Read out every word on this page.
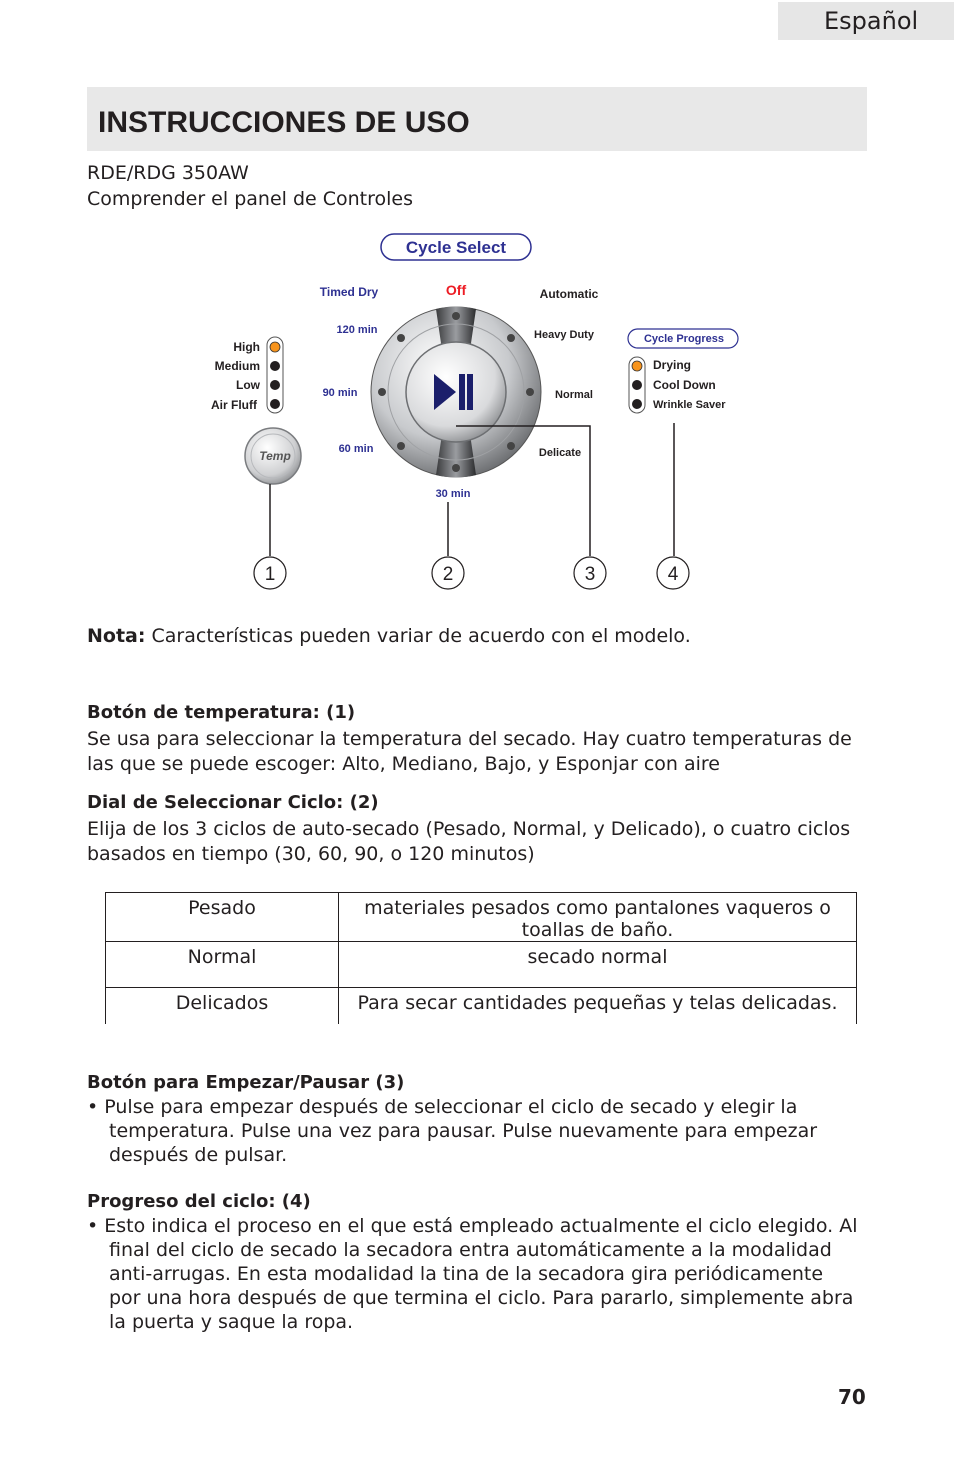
Español
INSTRUCCIONES DE USO
RDE/RDG 350AW
Comprender el panel de Controles
Cycle Select
Timed Dry	Off	Automatic
120 min	Heavy Duty
90 min	Normal
60 min	Delicate
30 min
High
Medium
Low
Air Fluff
Temp
Cycle Progress
Drying
Cool Down
Wrinkle Saver
1	2	3	4
Nota: Características pueden variar de acuerdo con el modelo.
Botón de temperatura: (1)
Se usa para seleccionar la temperatura del secado. Hay cuatro temperaturas de
las que se puede escoger: Alto, Mediano, Bajo, y Esponjar con aire
Dial de Seleccionar Ciclo: (2)
Elija de los 3 ciclos de auto-secado (Pesado, Normal, y Delicado), o cuatro ciclos
basados en tiempo (30, 60, 90, o 120 minutos)
Pesado	materiales pesados como pantalones vaqueros o toallas de baño.
Normal	secado normal
Delicados	Para secar cantidades pequeñas y telas delicadas.
Botón para Empezar/Pausar (3)
• Pulse para empezar después de seleccionar el ciclo de secado y elegir la
temperatura. Pulse una vez para pausar. Pulse nuevamente para empezar
después de pulsar.
Progreso del ciclo: (4)
• Esto indica el proceso en el que está empleado actualmente el ciclo elegido. Al
final del ciclo de secado la secadora entra automáticamente a la modalidad
anti-arrugas. En esta modalidad la tina de la secadora gira periódicamente
por una hora después de que termina el ciclo. Para pararlo, simplemente abra
la puerta y saque la ropa.
70
